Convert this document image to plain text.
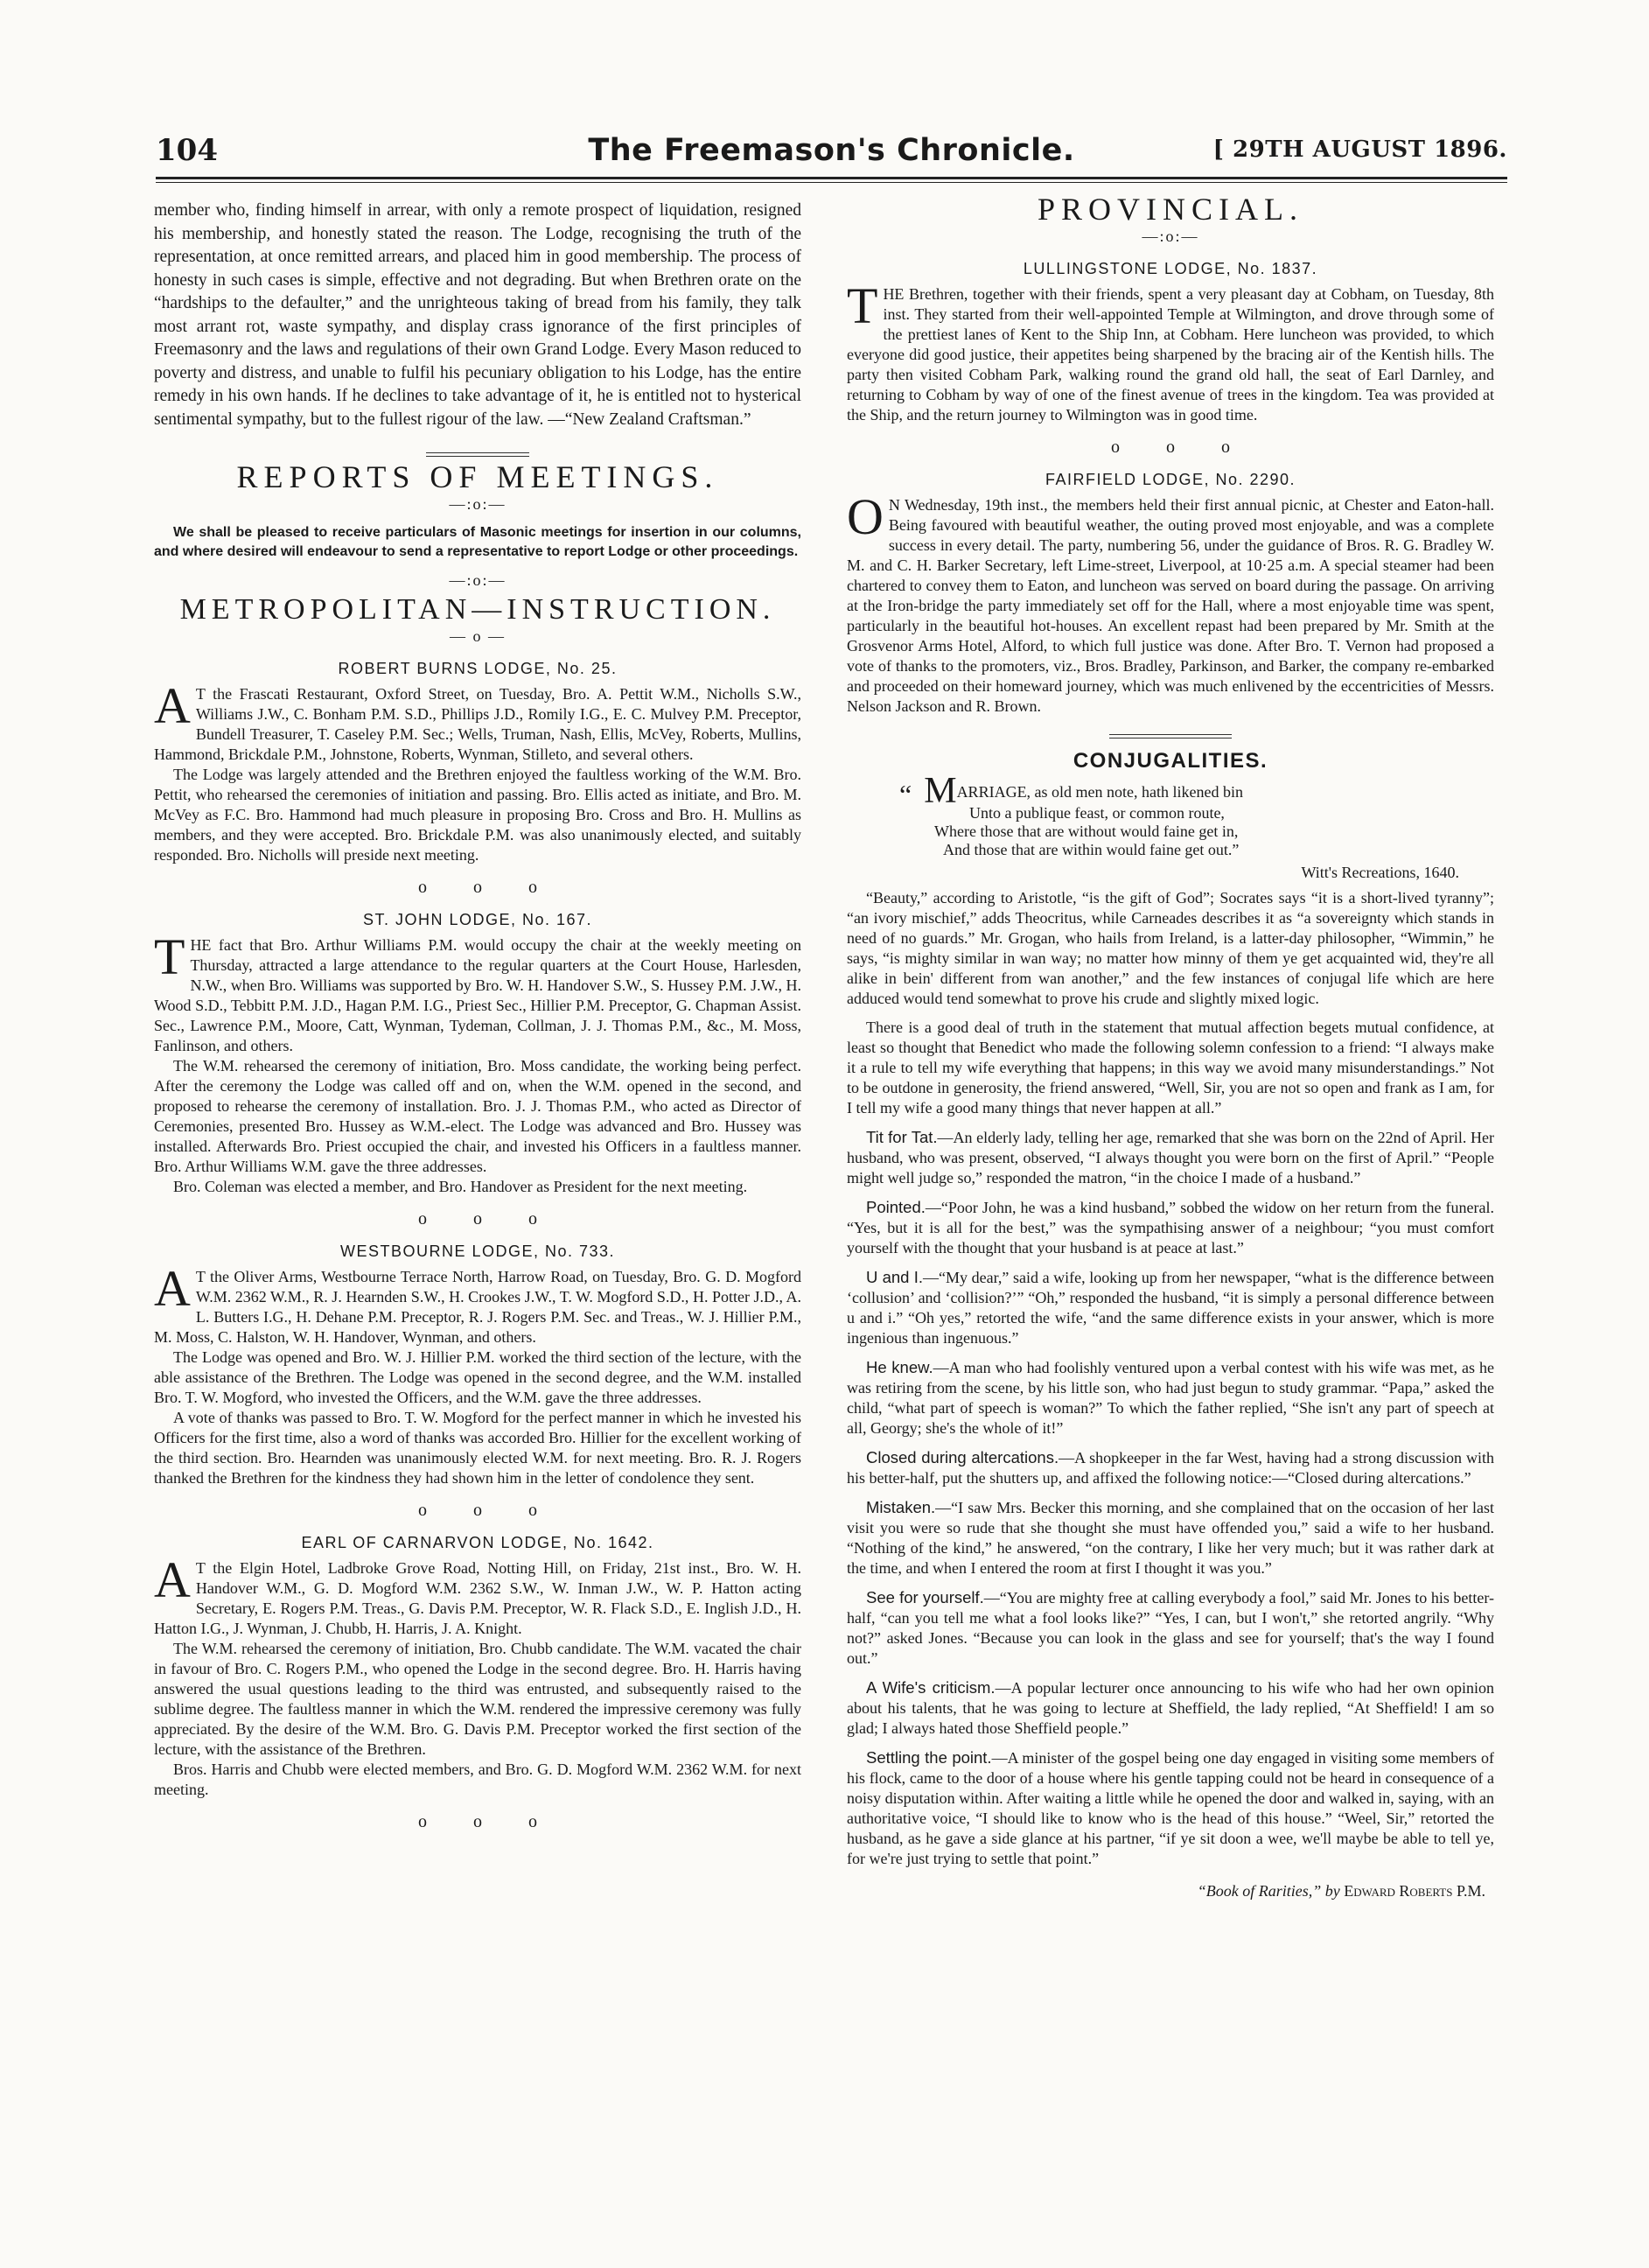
104	The Freemason's Chronicle.	[ 29TH AUGUST 1896.

member who, finding himself in arrear, with only a remote prospect of liquidation, resigned his membership, and honestly stated the reason. The Lodge, recognising the truth of the representation, at once remitted arrears, and placed him in good membership. The process of honesty in such cases is simple, effective and not degrading. But when Brethren orate on the “hardships to the defaulter,” and the unrighteous taking of bread from his family, they talk most arrant rot, waste sympathy, and display crass ignorance of the first principles of Freemasonry and the laws and regulations of their own Grand Lodge. Every Mason reduced to poverty and distress, and unable to fulfil his pecuniary obligation to his Lodge, has the entire remedy in his own hands. If he declines to take advantage of it, he is entitled not to hysterical sentimental sympathy, but to the fullest rigour of the law. —“New Zealand Craftsman.”

REPORTS OF MEETINGS.
—:o:—

We shall be pleased to receive particulars of Masonic meetings for insertion in our columns, and where desired will endeavour to send a representative to report Lodge or other proceedings.

—:o:—
METROPOLITAN—INSTRUCTION.
— o —
ROBERT BURNS LODGE, No. 25.

A T the Frascati Restaurant, Oxford Street, on Tuesday, Bro. A. Pettit W.M., Nicholls S.W., Williams J.W., C. Bonham P.M. S.D., Phillips J.D., Romily I.G., E. C. Mulvey P.M. Preceptor, Bundell Treasurer, T. Caseley P.M. Sec.; Wells, Truman, Nash, Ellis, McVey, Roberts, Mullins, Hammond, Brickdale P.M., Johnstone, Roberts, Wynman, Stilleto, and several others.

The Lodge was largely attended and the Brethren enjoyed the faultless working of the W.M. Bro. Pettit, who rehearsed the ceremonies of initiation and passing. Bro. Ellis acted as initiate, and Bro. M. McVey as F.C. Bro. Hammond had much pleasure in proposing Bro. Cross and Bro. H. Mullins as members, and they were accepted. Bro. Brickdale P.M. was also unanimously elected, and suitably responded. Bro. Nicholls will preside next meeting.

o o o
ST. JOHN LODGE, No. 167.

THE fact that Bro. Arthur Williams P.M. would occupy the chair at the weekly meeting on Thursday, attracted a large attendance to the regular quarters at the Court House, Harlesden, N.W., when Bro. Williams was supported by Bro. W. H. Handover S.W., S. Hussey P.M. J.W., H. Wood S.D., Tebbitt P.M. J.D., Hagan P.M. I.G., Priest Sec., Hillier P.M. Preceptor, G. Chapman Assist. Sec., Lawrence P.M., Moore, Catt, Wynman, Tydeman, Collman, J. J. Thomas P.M., &c., M. Moss, Fanlinson, and others.

The W.M. rehearsed the ceremony of initiation, Bro. Moss candidate, the working being perfect. After the ceremony the Lodge was called off and on, when the W.M. opened in the second, and proposed to rehearse the ceremony of installation. Bro. J. J. Thomas P.M., who acted as Director of Ceremonies, presented Bro. Hussey as W.M.-elect. The Lodge was advanced and Bro. Hussey was installed. Afterwards Bro. Priest occupied the chair, and invested his Officers in a faultless manner. Bro. Arthur Williams W.M. gave the three addresses.

Bro. Coleman was elected a member, and Bro. Handover as President for the next meeting.

o o o
WESTBOURNE LODGE, No. 733.

A T the Oliver Arms, Westbourne Terrace North, Harrow Road, on Tuesday, Bro. G. D. Mogford W.M. 2362 W.M., R. J. Hearnden S.W., H. Crookes J.W., T. W. Mogford S.D., H. Potter J.D., A. L. Butters I.G., H. Dehane P.M. Preceptor, R. J. Rogers P.M. Sec. and Treas., W. J. Hillier P.M., M. Moss, C. Halston, W. H. Handover, Wynman, and others.

The Lodge was opened and Bro. W. J. Hillier P.M. worked the third section of the lecture, with the able assistance of the Brethren. The Lodge was opened in the second degree, and the W.M. installed Bro. T. W. Mogford, who invested the Officers, and the W.M. gave the three addresses.

A vote of thanks was passed to Bro. T. W. Mogford for the perfect manner in which he invested his Officers for the first time, also a word of thanks was accorded Bro. Hillier for the excellent working of the third section. Bro. Hearnden was unanimously elected W.M. for next meeting. Bro. R. J. Rogers thanked the Brethren for the kindness they had shown him in the letter of condolence they sent.

o o o
EARL OF CARNARVON LODGE, No. 1642.

A T the Elgin Hotel, Ladbroke Grove Road, Notting Hill, on Friday, 21st inst., Bro. W. H. Handover W.M., G. D. Mogford W.M. 2362 S.W., W. Inman J.W., W. P. Hatton acting Secretary, E. Rogers P.M. Treas., G. Davis P.M. Preceptor, W. R. Flack S.D., E. Inglish J.D., H. Hatton I.G., J. Wynman, J. Chubb, H. Harris, J. A. Knight.

The W.M. rehearsed the ceremony of initiation, Bro. Chubb candidate. The W.M. vacated the chair in favour of Bro. C. Rogers P.M., who opened the Lodge in the second degree. Bro. H. Harris having answered the usual questions leading to the third was entrusted, and subsequently raised to the sublime degree. The faultless manner in which the W.M. rendered the impressive ceremony was fully appreciated. By the desire of the W.M. Bro. G. Davis P.M. Preceptor worked the first section of the lecture, with the assistance of the Brethren.

Bros. Harris and Chubb were elected members, and Bro. G. D. Mogford W.M. 2362 W.M. for next meeting.

o o o
PROVINCIAL.
—:o:—
LULLINGSTONE LODGE, No. 1837.

THE Brethren, together with their friends, spent a very pleasant day at Cobham, on Tuesday, 8th inst. They started from their well-appointed Temple at Wilmington, and drove through some of the prettiest lanes of Kent to the Ship Inn, at Cobham. Here luncheon was provided, to which everyone did good justice, their appetites being sharpened by the bracing air of the Kentish hills. The party then visited Cobham Park, walking round the grand old hall, the seat of Earl Darnley, and returning to Cobham by way of one of the finest avenue of trees in the kingdom. Tea was provided at the Ship, and the return journey to Wilmington was in good time.

o o o
FAIRFIELD LODGE, No. 2290.

O N Wednesday, 19th inst., the members held their first annual picnic, at Chester and Eaton-hall. Being favoured with beautiful weather, the outing proved most enjoyable, and was a complete success in every detail. The party, numbering 56, under the guidance of Bros. R. G. Bradley W. M. and C. H. Barker Secretary, left Lime-street, Liverpool, at 10·25 a.m. A special steamer had been chartered to convey them to Eaton, and luncheon was served on board during the passage. On arriving at the Iron-bridge the party immediately set off for the Hall, where a most enjoyable time was spent, particularly in the beautiful hot-houses. An excellent repast had been prepared by Mr. Smith at the Grosvenor Arms Hotel, Alford, to which full justice was done. After Bro. T. Vernon had proposed a vote of thanks to the promoters, viz., Bros. Bradley, Parkinson, and Barker, the company re-embarked and proceeded on their homeward journey, which was much enlivened by the eccentricities of Messrs. Nelson Jackson and R. Brown.

CONJUGALITIES.
“ MARRIAGE, as old men note, hath likened bin
Unto a publique feast, or common route,
Where those that are without would faine get in,
And those that are within would faine get out.”
Witt's Recreations, 1640.

“Beauty,” according to Aristotle, “is the gift of God”; Socrates says “it is a short-lived tyranny”; “an ivory mischief,” adds Theocritus, while Carneades describes it as “a sovereignty which stands in need of no guards.” Mr. Grogan, who hails from Ireland, is a latter-day philosopher, “Wimmin,” he says, “is mighty similar in wan way; no matter how minny of them ye get acquainted wid, they're all alike in bein' different from wan another,” and the few instances of conjugal life which are here adduced would tend somewhat to prove his crude and slightly mixed logic.

There is a good deal of truth in the statement that mutual affection begets mutual confidence, at least so thought that Benedict who made the following solemn confession to a friend: “I always make it a rule to tell my wife everything that happens; in this way we avoid many misunderstandings.” Not to be outdone in generosity, the friend answered, “Well, Sir, you are not so open and frank as I am, for I tell my wife a good many things that never happen at all.”

Tit for Tat.—An elderly lady, telling her age, remarked that she was born on the 22nd of April. Her husband, who was present, observed, “I always thought you were born on the first of April.” “People might well judge so,” responded the matron, “in the choice I made of a husband.”

Pointed.—“Poor John, he was a kind husband,” sobbed the widow on her return from the funeral. “Yes, but it is all for the best,” was the sympathising answer of a neighbour; “you must comfort yourself with the thought that your husband is at peace at last.”

U and I.—“My dear,” said a wife, looking up from her newspaper, “what is the difference between ‘collusion’ and ‘collision?’” “Oh,” responded the husband, “it is simply a personal difference between u and i.” “Oh yes,” retorted the wife, “and the same difference exists in your answer, which is more ingenious than ingenuous.”

He knew.—A man who had foolishly ventured upon a verbal contest with his wife was met, as he was retiring from the scene, by his little son, who had just begun to study grammar. “Papa,” asked the child, “what part of speech is woman?” To which the father replied, “She isn't any part of speech at all, Georgy; she's the whole of it!”

Closed during altercations.—A shopkeeper in the far West, having had a strong discussion with his better-half, put the shutters up, and affixed the following notice:—“Closed during altercations.”

Mistaken.—“I saw Mrs. Becker this morning, and she complained that on the occasion of her last visit you were so rude that she thought she must have offended you,” said a wife to her husband. “Nothing of the kind,” he answered, “on the contrary, I like her very much; but it was rather dark at the time, and when I entered the room at first I thought it was you.”

See for yourself.—“You are mighty free at calling everybody a fool,” said Mr. Jones to his better-half, “can you tell me what a fool looks like?” “Yes, I can, but I won't,” she retorted angrily. “Why not?” asked Jones. “Because you can look in the glass and see for yourself; that's the way I found out.”

A Wife's criticism.—A popular lecturer once announcing to his wife who had her own opinion about his talents, that he was going to lecture at Sheffield, the lady replied, “At Sheffield! I am so glad; I always hated those Sheffield people.”

Settling the point.—A minister of the gospel being one day engaged in visiting some members of his flock, came to the door of a house where his gentle tapping could not be heard in consequence of a noisy disputation within. After waiting a little while he opened the door and walked in, saying, with an authoritative voice, “I should like to know who is the head of this house.” “Weel, Sir,” retorted the husband, as he gave a side glance at his partner, “if ye sit doon a wee, we'll maybe be able to tell ye, for we're just trying to settle that point.”

“Book of Rarities,” by Edward Roberts P.M.
